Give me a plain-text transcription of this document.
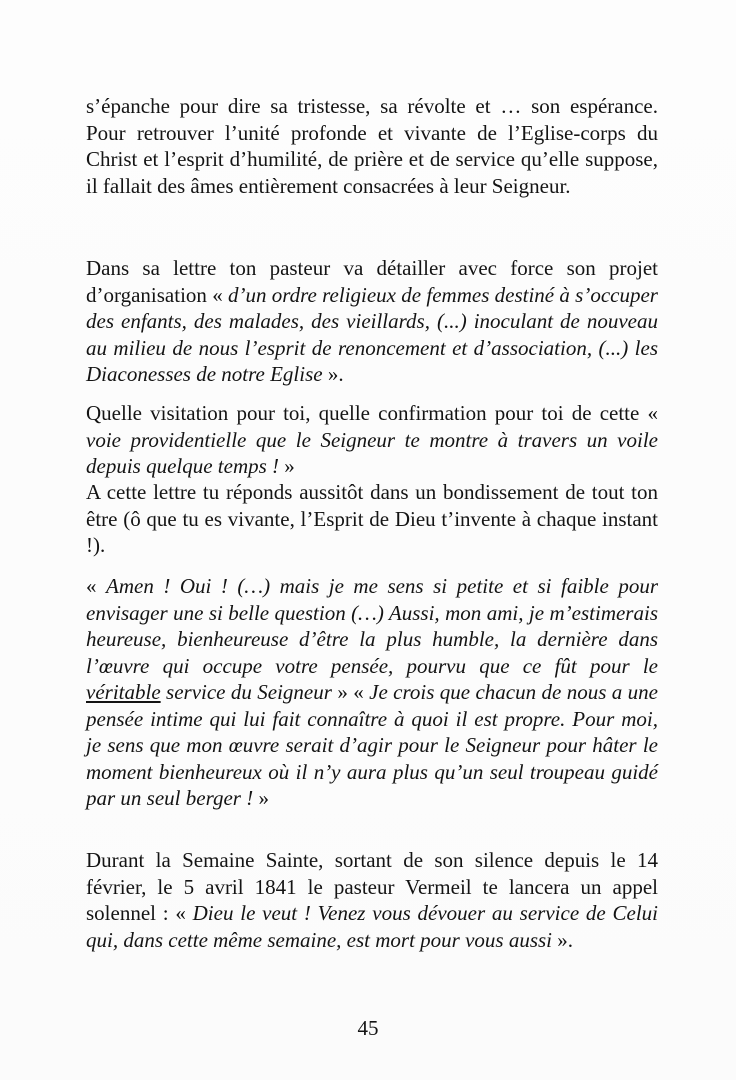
s’épanche pour dire sa tristesse, sa révolte et … son espérance. Pour retrouver l’unité profonde et vivante de l’Eglise-corps du Christ et l’esprit d’humilité, de prière et de service qu’elle suppose, il fallait des âmes entièrement consacrées à leur Seigneur.

Dans sa lettre ton pasteur va détailler avec force son projet d’organisation « d’un ordre religieux de femmes destiné à s’occuper des enfants, des malades, des vieillards, (...) inoculant de nouveau au milieu de nous l’esprit de renoncement et d’association, (...) les Diaconesses de notre Eglise ».

Quelle visitation pour toi, quelle confirmation pour toi de cette « voie providentielle que le Seigneur te montre à travers un voile depuis quelque temps ! »

A cette lettre tu réponds aussitôt dans un bondissement de tout ton être (ô que tu es vivante, l’Esprit de Dieu t’invente à chaque instant !).

« Amen ! Oui ! (…) mais je me sens si petite et si faible pour envisager une si belle question (…) Aussi, mon ami, je m’estimerais heureuse, bienheureuse d’être la plus humble, la dernière dans l’œuvre qui occupe votre pensée, pourvu que ce fût pour le véritable service du Seigneur » « Je crois que chacun de nous a une pensée intime qui lui fait connaître à quoi il est propre. Pour moi, je sens que mon œuvre serait d’agir pour le Seigneur pour hâter le moment bienheureux où il n’y aura plus qu’un seul troupeau guidé par un seul berger ! »

Durant la Semaine Sainte, sortant de son silence depuis le 14 février, le 5 avril 1841 le pasteur Vermeil te lancera un appel solennel : « Dieu le veut ! Venez vous dévouer au service de Celui qui, dans cette même semaine, est mort pour vous aussi ».

45
